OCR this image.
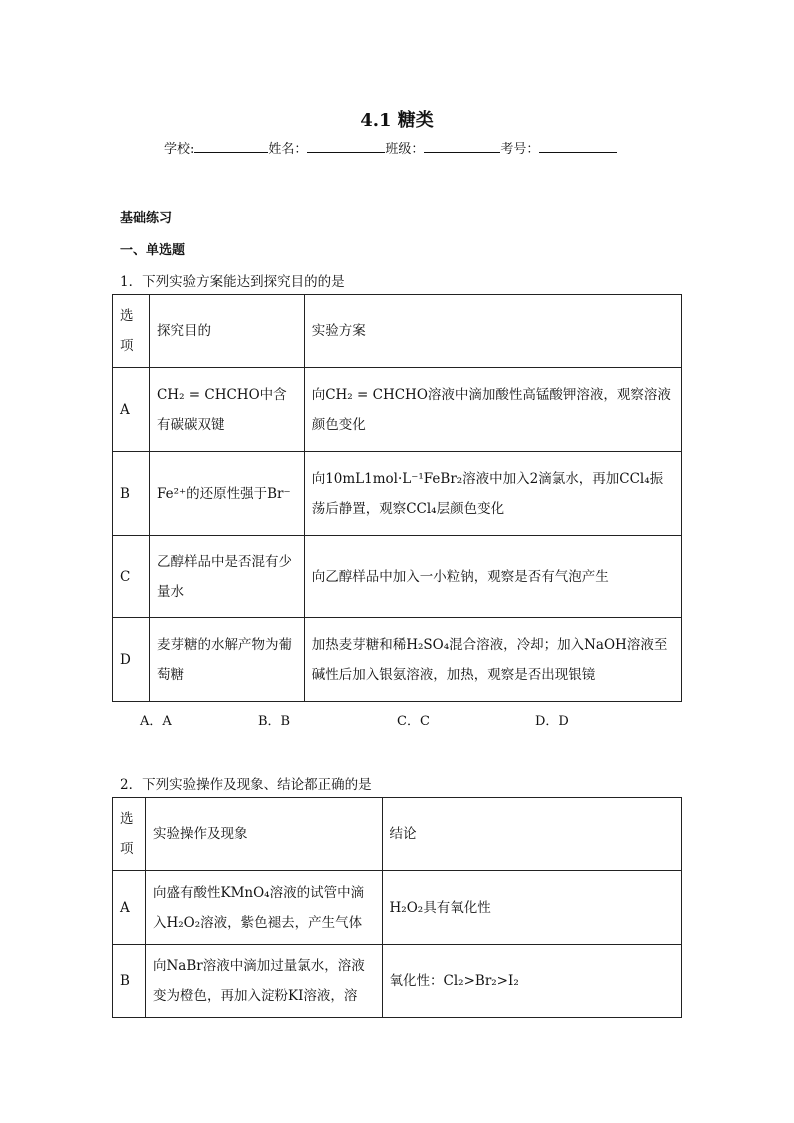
4.1 糖类
学校:	姓名：	班级：	考号：
基础练习
一、单选题
1．下列实验方案能达到探究目的的是
选项	探究目的	实验方案
A	CH₂ = CHCHO中含有碳碳双键	向CH₂ = CHCHO溶液中滴加酸性高锰酸钾溶液，观察溶液颜色变化
B	Fe²⁺的还原性强于Br⁻	向10mL1mol·L⁻¹FeBr₂溶液中加入2滴氯水，再加CCl₄振荡后静置，观察CCl₄层颜色变化
C	乙醇样品中是否混有少量水	向乙醇样品中加入一小粒钠，观察是否有气泡产生
D	麦芽糖的水解产物为葡萄糖	加热麦芽糖和稀H₂SO₄混合溶液，冷却；加入NaOH溶液至碱性后加入银氨溶液，加热，观察是否出现银镜
A．A	B．B	C．C	D．D
2．下列实验操作及现象、结论都正确的是
选项	实验操作及现象	结论
A	向盛有酸性KMnO₄溶液的试管中滴入H₂O₂溶液，紫色褪去，产生气体	H₂O₂具有氧化性
B	向NaBr溶液中滴加过量氯水，溶液变为橙色，再加入淀粉KI溶液，溶	氧化性：Cl₂>Br₂>I₂
